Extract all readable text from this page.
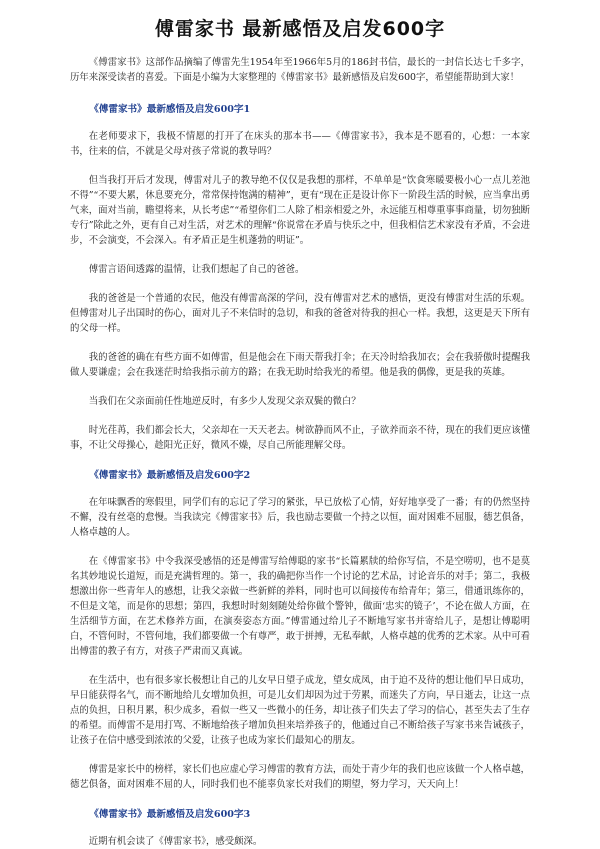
傅雷家书 最新感悟及启发600字

《傅雷家书》这部作品摘编了傅雷先生1954年至1966年5月的186封书信，最长的一封信长达七千多字，历年来深受读者的喜爱。下面是小编为大家整理的《傅雷家书》最新感悟及启发600字，希望能帮助到大家！

《傅雷家书》最新感悟及启发600字1

在老师要求下，我极不情愿的打开了在床头的那本书——《傅雷家书》，我本是不愿看的，心想：一本家书，往来的信，不就是父母对孩子常说的教导吗？

但当我打开后才发现，傅雷对儿子的教导绝不仅仅是我想的那样，不单单是“饮食寒暖要极小心一点儿差池不得”“不要大累，休息要充分，常常保持饱满的精神”，更有“现在正是设计你下一阶段生活的时候，应当拿出勇气来，面对当前，瞻望将来，从长考虑”“希望你们二人除了相亲相爱之外，永远能互相尊重事事商量，切勿独断专行”除此之外，更有自己对生活，对艺术的理解“你说常在矛盾与快乐之中，但我相信艺术家没有矛盾，不会进步，不会演变，不会深入。有矛盾正是生机蓬勃的明证”。

傅雷言语间透露的温情，让我们想起了自己的爸爸。

我的爸爸是一个普通的农民，他没有傅雷高深的学问，没有傅雷对艺术的感悟，更没有傅雷对生活的乐观。但傅雷对儿子出国时的伤心，面对儿子不来信时的急切，和我的爸爸对待我的担心一样。我想，这更是天下所有的父母一样。

我的爸爸的确在有些方面不如傅雷，但是他会在下雨天帮我打伞；在天冷时给我加衣；会在我骄傲时提醒我做人要谦虚；会在我迷茫时给我指示前方的路；在我无助时给我光的希望。他是我的偶像，更是我的英雄。

当我们在父亲面前任性地逆反时，有多少人发现父亲双鬓的微白？

时光荏苒，我们都会长大，父亲却在一天天老去。树欲静而风不止，子欲养而亲不待，现在的我们更应该懂事，不让父母操心，趁阳光正好，微风不燥，尽自己所能理解父母。

《傅雷家书》最新感悟及启发600字2

在年味飘香的寒假里，同学们有的忘记了学习的紧张，早已放松了心情，好好地享受了一番；有的仍然坚持不懈，没有丝毫的怠慢。当我读完《傅雷家书》后，我也励志要做一个持之以恒，面对困难不屈服，德艺俱备，人格卓越的人。

在《傅雷家书》中令我深受感悟的还是傅雷写给傅聪的家书“长篇累牍的给你写信，不是空唠叨，也不是莫名其妙地说长道短，而是充满哲理的。第一，我的确把你当作一个讨论的艺术品，讨论音乐的对手；第二，我极想激出你一些青年人的感想，让我父亲做一些新鲜的养料，同时也可以间接传布给青年；第三，借通讯练你的，不但是文笔，而是你的思想；第四，我想时时刻刻随处给你做个警钟，做面‘忠实的镜子’，不论在做人方面，在生活细节方面，在艺术修养方面，在演奏姿态方面。”傅雷通过给儿子不断地写家书并寄给儿子，是想让傅聪明白，不管何时，不管何地，我们都要做一个有尊严，敢于拼搏，无私奉献，人格卓越的优秀的艺术家。从中可看出傅雷的教子有方，对孩子严肃而又真诚。

在生活中，也有很多家长极想让自己的儿女早日望子成龙，望女成凤，由于迫不及待的想让他们早日成功，早日能获得名气，而不断地给儿女增加负担，可是儿女们却因为过于劳累，而迷失了方向，早日逝去，让这一点点的负担，日积月累，积少成多，看似一些又一些微小的任务，却让孩子们失去了学习的信心，甚至失去了生存的希望。而傅雷不是用打骂、不断地给孩子增加负担来培养孩子的，他通过自己不断给孩子写家书来告诫孩子，让孩子在信中感受到浓浓的父爱，让孩子也成为家长们最知心的朋友。

傅雷是家长中的榜样，家长们也应虚心学习傅雷的教育方法，而处于青少年的我们也应该做一个人格卓越，德艺俱备，面对困难不屈的人，同时我们也不能辜负家长对我们的期望，努力学习，天天向上！

《傅雷家书》最新感悟及启发600字3

近期有机会读了《傅雷家书》，感受颇深。
